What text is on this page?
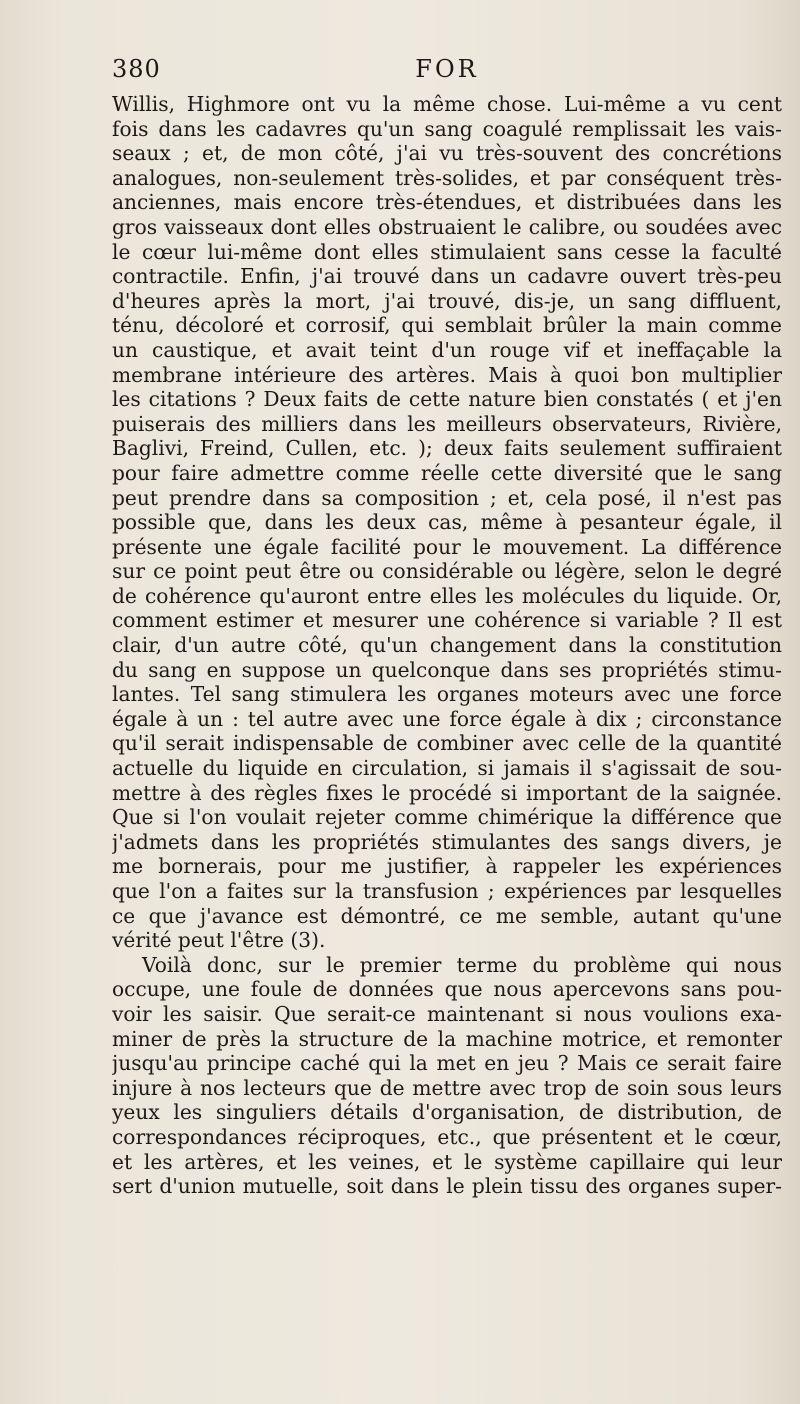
380	FOR
Willis, Highmore ont vu la même chose. Lui-même a vu cent
fois dans les cadavres qu'un sang coagulé remplissait les vais-
seaux ; et, de mon côté, j'ai vu très-souvent des concrétions
analogues, non-seulement très-solides, et par conséquent très-
anciennes, mais encore très-étendues, et distribuées dans les
gros vaisseaux dont elles obstruaient le calibre, ou soudées avec
le cœur lui-même dont elles stimulaient sans cesse la faculté
contractile. Enfin, j'ai trouvé dans un cadavre ouvert très-peu
d'heures après la mort, j'ai trouvé, dis-je, un sang diffluent,
ténu, décoloré et corrosif, qui semblait brûler la main comme
un caustique, et avait teint d'un rouge vif et ineffaçable la
membrane intérieure des artères. Mais à quoi bon multiplier
les citations ? Deux faits de cette nature bien constatés ( et j'en
puiserais des milliers dans les meilleurs observateurs, Rivière,
Baglivi, Freind, Cullen, etc. ); deux faits seulement suffiraient
pour faire admettre comme réelle cette diversité que le sang
peut prendre dans sa composition ; et, cela posé, il n'est pas
possible que, dans les deux cas, même à pesanteur égale, il
présente une égale facilité pour le mouvement. La différence
sur ce point peut être ou considérable ou légère, selon le degré
de cohérence qu'auront entre elles les molécules du liquide. Or,
comment estimer et mesurer une cohérence si variable ? Il est
clair, d'un autre côté, qu'un changement dans la constitution
du sang en suppose un quelconque dans ses propriétés stimu-
lantes. Tel sang stimulera les organes moteurs avec une force
égale à un : tel autre avec une force égale à dix ; circonstance
qu'il serait indispensable de combiner avec celle de la quantité
actuelle du liquide en circulation, si jamais il s'agissait de sou-
mettre à des règles fixes le procédé si important de la saignée.
Que si l'on voulait rejeter comme chimérique la différence que
j'admets dans les propriétés stimulantes des sangs divers, je
me bornerais, pour me justifier, à rappeler les expériences
que l'on a faites sur la transfusion ; expériences par lesquelles
ce que j'avance est démontré, ce me semble, autant qu'une
vérité peut l'être (3).
Voilà donc, sur le premier terme du problème qui nous
occupe, une foule de données que nous apercevons sans pou-
voir les saisir. Que serait-ce maintenant si nous voulions exa-
miner de près la structure de la machine motrice, et remonter
jusqu'au principe caché qui la met en jeu ? Mais ce serait faire
injure à nos lecteurs que de mettre avec trop de soin sous leurs
yeux les singuliers détails d'organisation, de distribution, de
correspondances réciproques, etc., que présentent et le cœur,
et les artères, et les veines, et le système capillaire qui leur
sert d'union mutuelle, soit dans le plein tissu des organes super-
